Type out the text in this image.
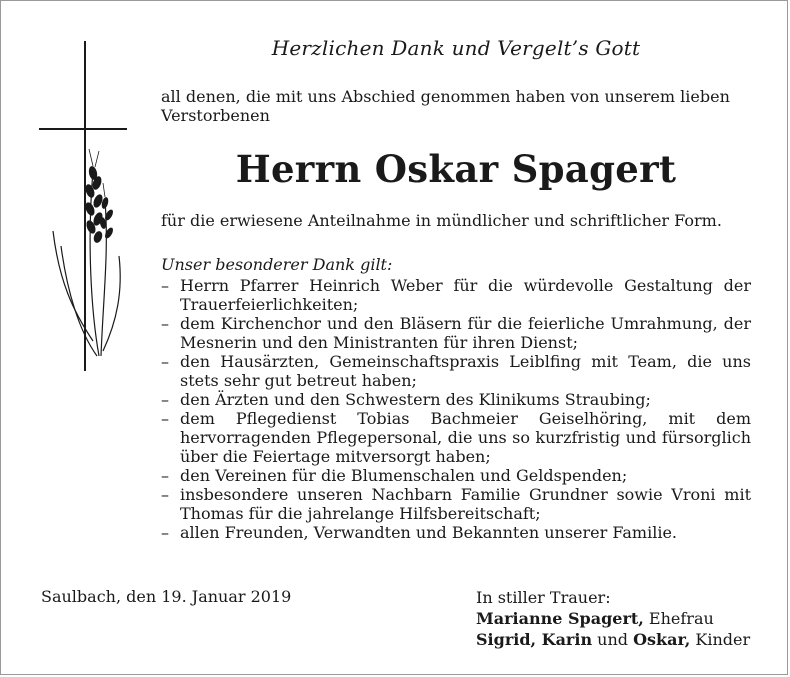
Herzlichen Dank und Vergelt’s Gott
all denen, die mit uns Abschied genommen haben von unserem lieben Verstorbenen
Herrn Oskar Spagert
für die erwiesene Anteilnahme in mündlicher und schriftlicher Form.
Unser besonderer Dank gilt:
– Herrn Pfarrer Heinrich Weber für die würdevolle Gestaltung der Trauerfeierlichkeiten;
– dem Kirchenchor und den Bläsern für die feierliche Umrahmung, der Mesnerin und den Ministranten für ihren Dienst;
– den Hausärzten, Gemeinschaftspraxis Leiblfing mit Team, die uns stets sehr gut betreut haben;
– den Ärzten und den Schwestern des Klinikums Straubing;
– dem Pflegedienst Tobias Bachmeier Geiselhöring, mit dem hervorragenden Pflegepersonal, die uns so kurzfristig und fürsorglich über die Feiertage mitversorgt haben;
– den Vereinen für die Blumenschalen und Geldspenden;
– insbesondere unseren Nachbarn Familie Grundner sowie Vroni mit Thomas für die jahrelange Hilfsbereitschaft;
– allen Freunden, Verwandten und Bekannten unserer Familie.
Saulbach, den 19. Januar 2019	In stiller Trauer:
Marianne Spagert, Ehefrau
Sigrid, Karin und Oskar, Kinder
